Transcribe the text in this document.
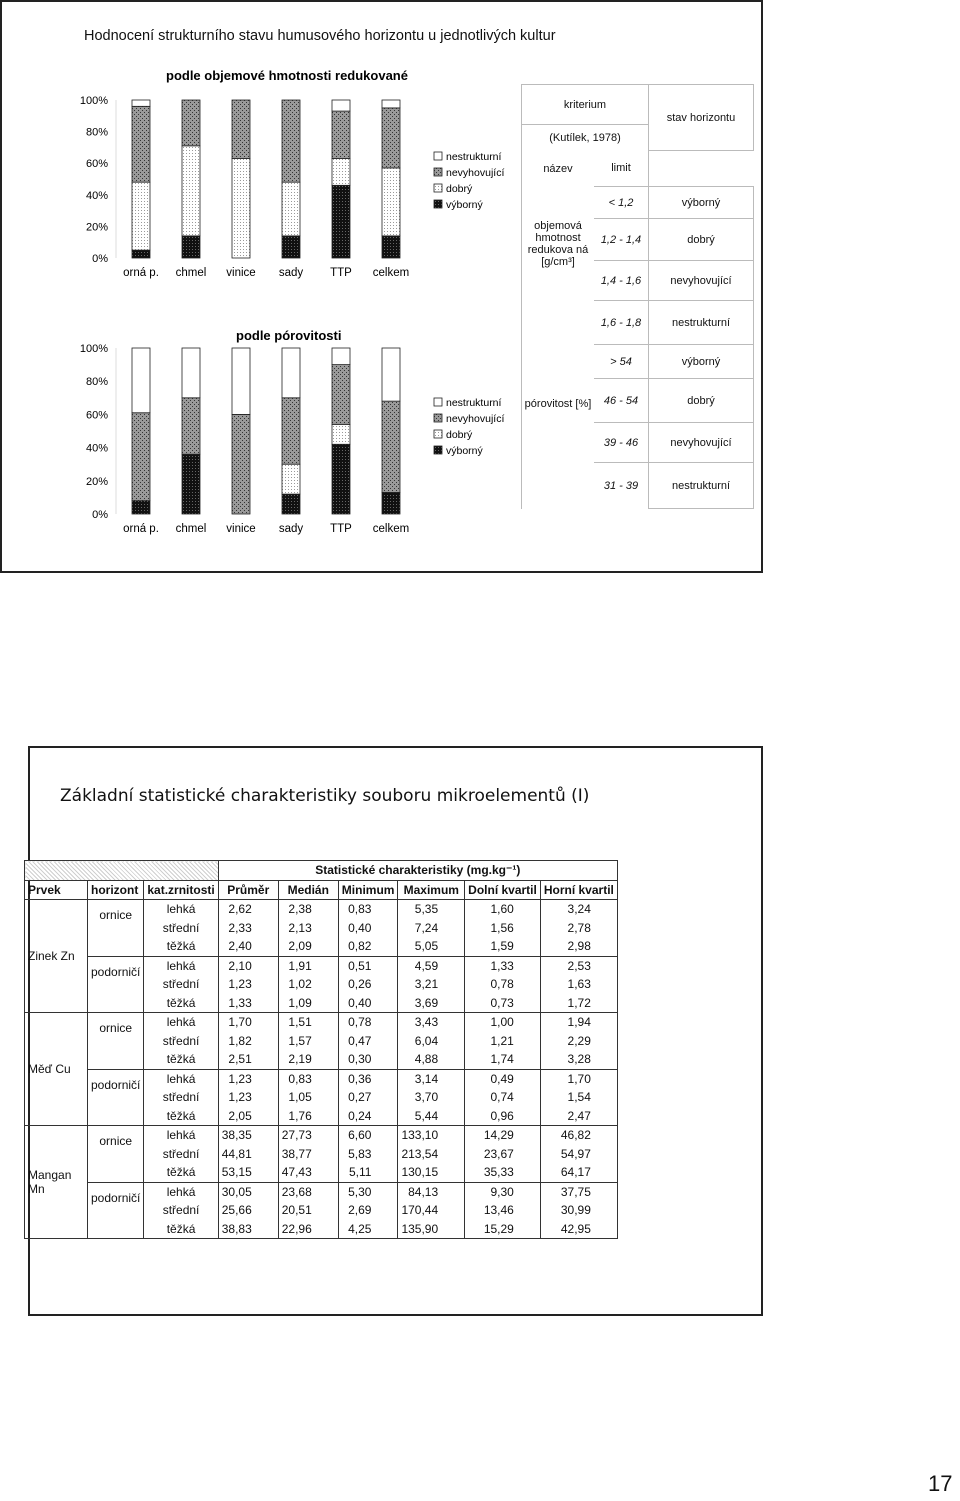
Hodnocení strukturního stavu humusového horizontu u jednotlivých kultur
podle objemové hmotnosti redukované
100%
80%
60%
40%
20%
0%
orná p. chmel vinice sady TTP celkem
nestrukturní
nevyhovující
dobrý
výborný
podle pórovitosti
100%
80%
60%
40%
20%
0%
orná p. chmel vinice sady TTP celkem
nestrukturní
nevyhovující
dobrý
výborný
kriterium		stav horizontu
(Kutílek, 1978)		
název	limit	
objemová hmotnost redukova ná [g/cm³]	< 1,2	výborný
	1,2 - 1,4	dobrý
	1,4 - 1,6	nevyhovující
	1,6 - 1,8	nestrukturní
pórovitost [%]	> 54	výborný
	46 - 54	dobrý
	39 - 46	nevyhovující
	31 - 39	nestrukturní
Základní statistické charakteristiky souboru mikroelementů (I)
			Statistické charakteristiky (mg.kg⁻¹)					
Prvek	horizont	kat.zrnitosti	Průměr	Medián	Minimum	Maximum	Dolní kvartil	Horní kvartil
Zinek Zn	ornice	lehká	2,62	2,38	0,83	5,35	1,60	3,24
		střední	2,33	2,13	0,40	7,24	1,56	2,78
		těžká	2,40	2,09	0,82	5,05	1,59	2,98
	podorničí	lehká	2,10	1,91	0,51	4,59	1,33	2,53
		střední	1,23	1,02	0,26	3,21	0,78	1,63
		těžká	1,33	1,09	0,40	3,69	0,73	1,72
Měď Cu	ornice	lehká	1,70	1,51	0,78	3,43	1,00	1,94
		střední	1,82	1,57	0,47	6,04	1,21	2,29
		těžká	2,51	2,19	0,30	4,88	1,74	3,28
	podorničí	lehká	1,23	0,83	0,36	3,14	0,49	1,70
		střední	1,23	1,05	0,27	3,70	0,74	1,54
		těžká	2,05	1,76	0,24	5,44	0,96	2,47
Mangan Mn	ornice	lehká	38,35	27,73	6,60	133,10	14,29	46,82
		střední	44,81	38,77	5,83	213,54	23,67	54,97
		těžká	53,15	47,43	5,11	130,15	35,33	64,17
	podorničí	lehká	30,05	23,68	5,30	84,13	9,30	37,75
		střední	25,66	20,51	2,69	170,44	13,46	30,99
		těžká	38,83	22,96	4,25	135,90	15,29	42,95
17
